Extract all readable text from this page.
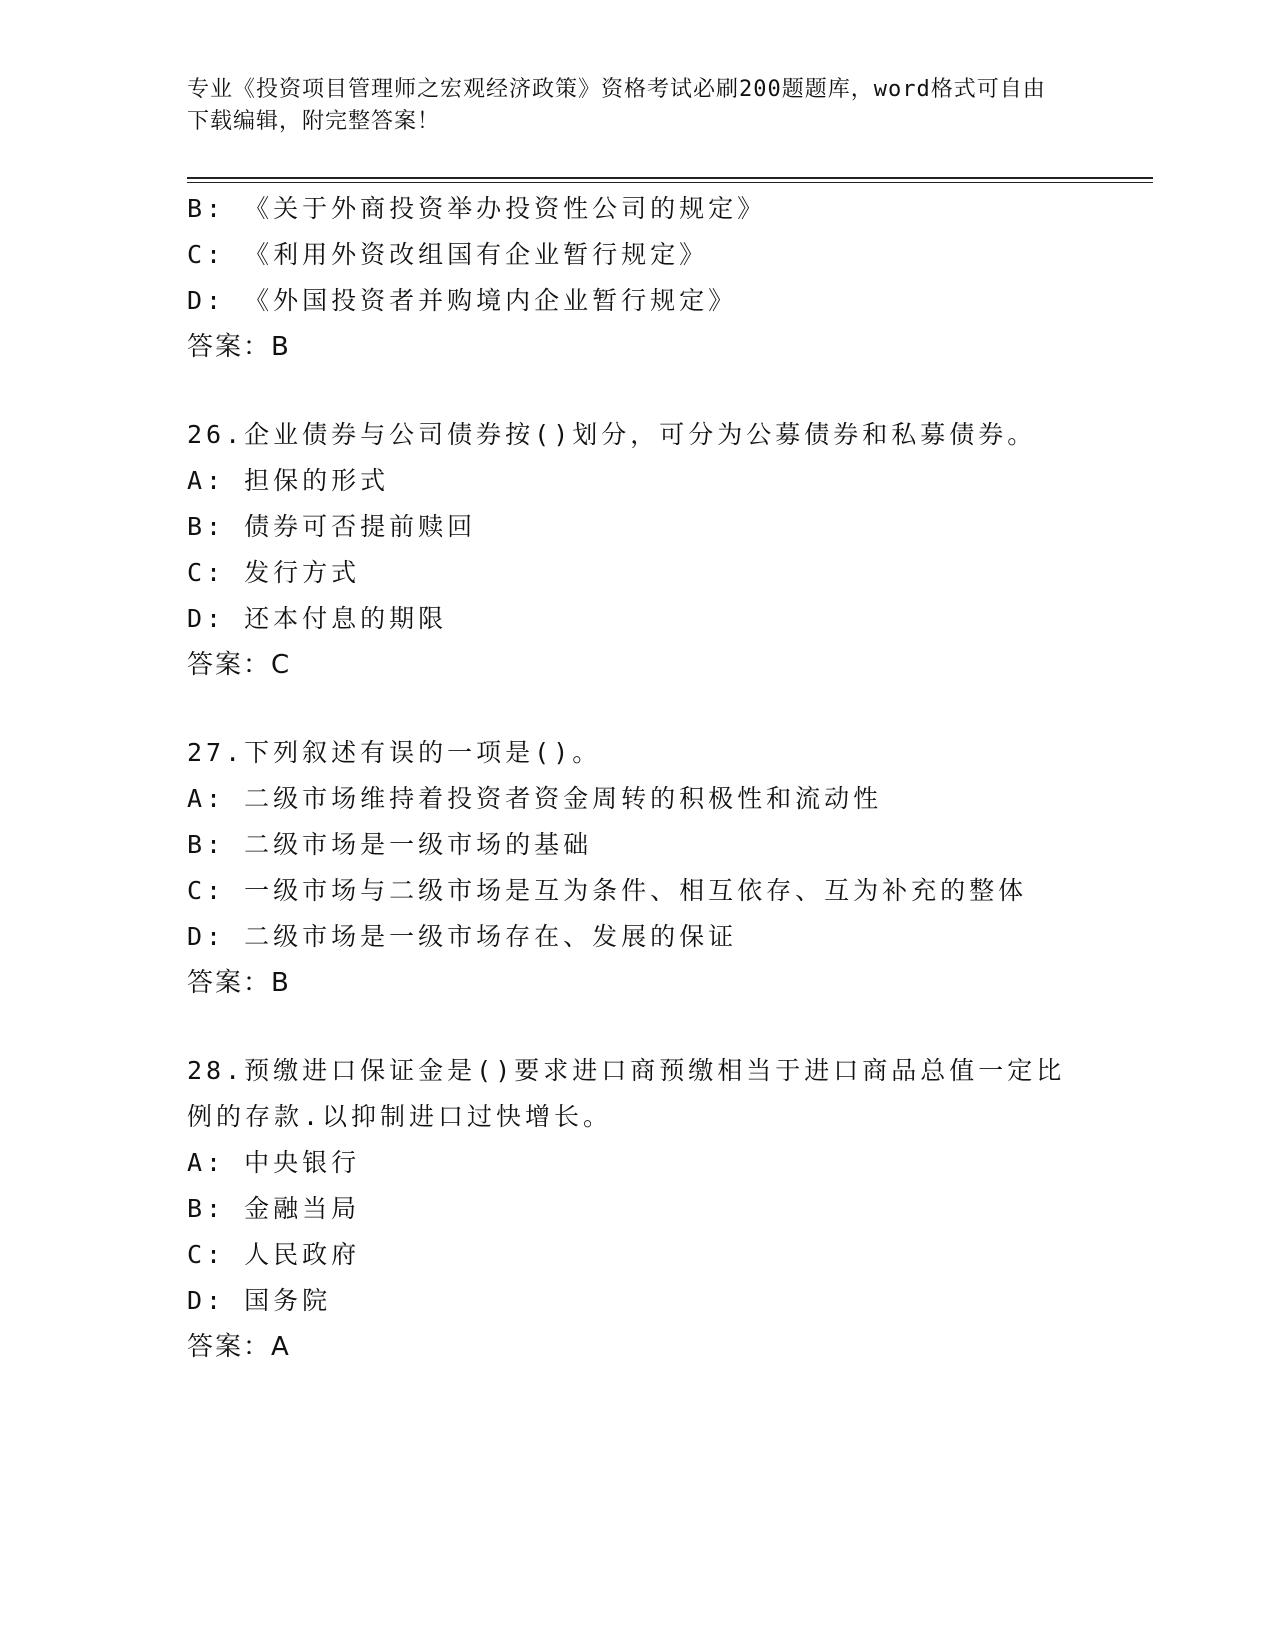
专业《投资项目管理师之宏观经济政策》资格考试必刷200题题库，word格式可自由下载编辑，附完整答案！
B: 《关于外商投资举办投资性公司的规定》
C: 《利用外资改组国有企业暂行规定》
D: 《外国投资者并购境内企业暂行规定》
答案：B
26.企业债券与公司债券按()划分，可分为公募债券和私募债券。
A: 担保的形式
B: 债券可否提前赎回
C: 发行方式
D: 还本付息的期限
答案：C
27.下列叙述有误的一项是()。
A: 二级市场维持着投资者资金周转的积极性和流动性
B: 二级市场是一级市场的基础
C: 一级市场与二级市场是互为条件、相互依存、互为补充的整体
D: 二级市场是一级市场存在、发展的保证
答案：B
28.预缴进口保证金是()要求进口商预缴相当于进口商品总值一定比例的存款.以抑制进口过快增长。
A: 中央银行
B: 金融当局
C: 人民政府
D: 国务院
答案：A
